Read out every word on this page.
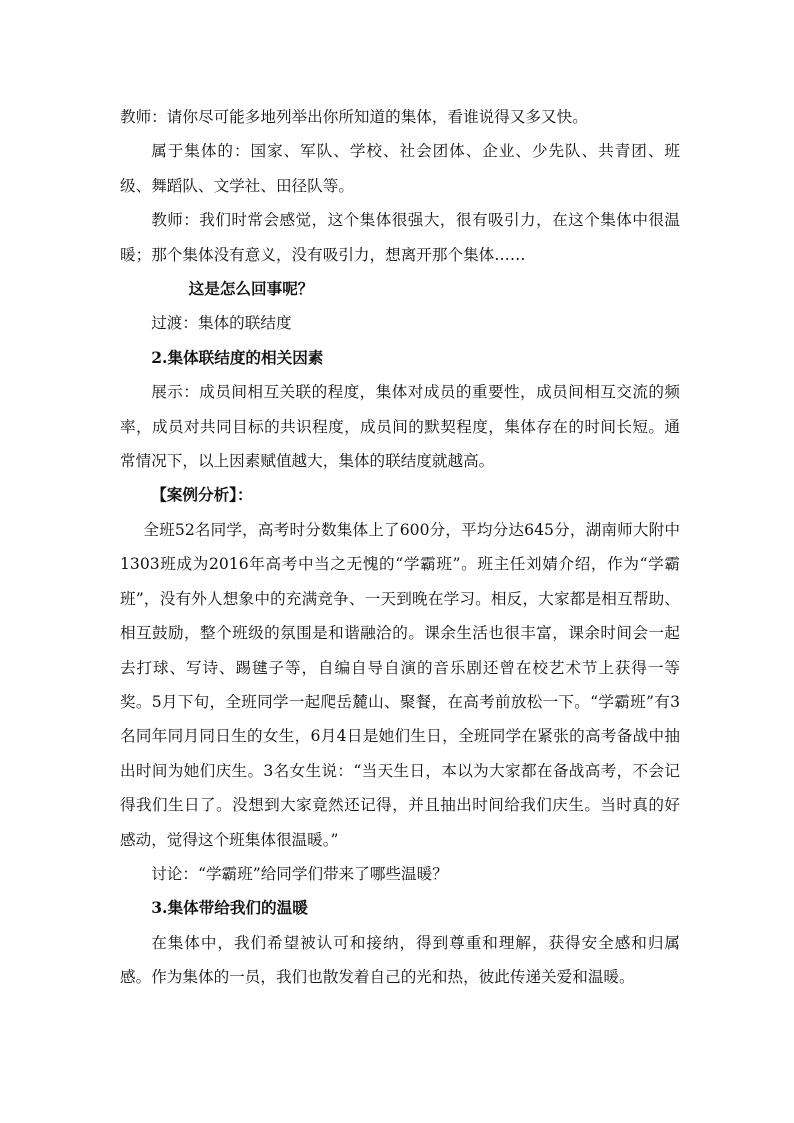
教师：请你尽可能多地列举出你所知道的集体，看谁说得又多又快。

属于集体的：国家、军队、学校、社会团体、企业、少先队、共青团、班级、舞蹈队、文学社、田径队等。

教师：我们时常会感觉，这个集体很强大，很有吸引力，在这个集体中很温暖；那个集体没有意义，没有吸引力，想离开那个集体……

这是怎么回事呢？

过渡：集体的联结度

2.集体联结度的相关因素

展示：成员间相互关联的程度，集体对成员的重要性，成员间相互交流的频率，成员对共同目标的共识程度，成员间的默契程度，集体存在的时间长短。通常情况下，以上因素赋值越大，集体的联结度就越高。

【案例分析】：

全班52名同学，高考时分数集体上了600分，平均分达645分，湖南师大附中1303班成为2016年高考中当之无愧的“学霸班”。班主任刘婧介绍，作为“学霸班”，没有外人想象中的充满竞争、一天到晚在学习。相反，大家都是相互帮助、相互鼓励，整个班级的氛围是和谐融洽的。课余生活也很丰富，课余时间会一起去打球、写诗、踢毽子等，自编自导自演的音乐剧还曾在校艺术节上获得一等奖。5月下旬，全班同学一起爬岳麓山、聚餐，在高考前放松一下。“学霸班”有3名同年同月同日生的女生，6月4日是她们生日，全班同学在紧张的高考备战中抽出时间为她们庆生。3名女生说：“当天生日，本以为大家都在备战高考，不会记得我们生日了。没想到大家竟然还记得，并且抽出时间给我们庆生。当时真的好感动，觉得这个班集体很温暖。”

讨论：“学霸班”给同学们带来了哪些温暖？

3.集体带给我们的温暖

在集体中，我们希望被认可和接纳，得到尊重和理解，获得安全感和归属感。作为集体的一员，我们也散发着自己的光和热，彼此传递关爱和温暖。
